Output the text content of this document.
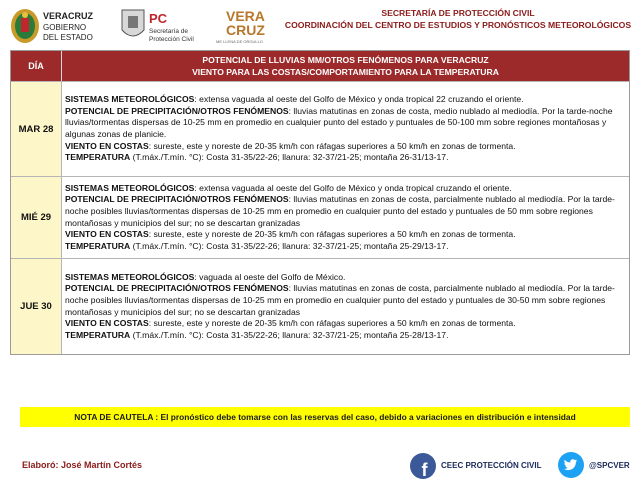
VERACRUZ
GOBIERNO
DEL ESTADO
PC
Secretaría de
Protección Civil
VERA
CRUZ
ME LLENA DE ORGULLO
SECRETARÍA DE PROTECCIÓN CIVIL
COORDINACIÓN DEL CENTRO DE ESTUDIOS Y PRONÓSTICOS METEOROLÓGICOS
DÍA
POTENCIAL DE LLUVIAS MM/OTROS FENÓMENOS PARA VERACRUZ
VIENTO PARA LAS COSTAS/COMPORTAMIENTO PARA LA TEMPERATURA
MAR 28
SISTEMAS METEOROLÓGICOS: extensa vaguada al oeste del Golfo de México y onda tropical 22 cruzando el oriente.
POTENCIAL DE PRECIPITACIÓN/OTROS FENÓMENOS: lluvias matutinas en zonas de costa, medio nublado al mediodía. Por la tarde-noche lluvias/tormentas dispersas de 10-25 mm en promedio en cualquier punto del estado y puntuales de 50-100 mm sobre regiones montañosas y algunas zonas de planicie.
VIENTO EN COSTAS: sureste, este y noreste de 20-35 km/h con ráfagas superiores a 50 km/h en zonas de tormenta.
TEMPERATURA (T.máx./T.mín. °C): Costa 31-35/22-26; llanura: 32-37/21-25; montaña 26-31/13-17.
MIÉ 29
SISTEMAS METEOROLÓGICOS: extensa vaguada al oeste del Golfo de México y onda tropical cruzando el oriente.
POTENCIAL DE PRECIPITACIÓN/OTROS FENÓMENOS: lluvias matutinas en zonas de costa, parcialmente nublado al mediodía. Por la tarde-noche posibles lluvias/tormentas dispersas de 10-25 mm en promedio en cualquier punto del estado y puntuales de 50 mm sobre regiones montañosas y municipios del sur; no se descartan granizadas
VIENTO EN COSTAS: sureste, este y noreste de 20-35 km/h con ráfagas superiores a 50 km/h en zonas de tormenta.
TEMPERATURA (T.máx./T.mín. °C): Costa 31-35/22-26; llanura: 32-37/21-25; montaña 25-29/13-17.
JUE 30
SISTEMAS METEOROLÓGICOS: vaguada al oeste del Golfo de México.
POTENCIAL DE PRECIPITACIÓN/OTROS FENÓMENOS: lluvias matutinas en zonas de costa, parcialmente nublado al mediodía. Por la tarde-noche posibles lluvias/tormentas dispersas de 10-25 mm en promedio en cualquier punto del estado y puntuales de 30-50 mm sobre regiones montañosas y municipios del sur; no se descartan granizadas
VIENTO EN COSTAS: sureste, este y noreste de 20-35 km/h con ráfagas superiores a 50 km/h en zonas de tormenta.
TEMPERATURA (T.máx./T.mín. °C): Costa 31-35/22-26; llanura: 32-37/21-25; montaña 25-28/13-17.
NOTA DE CAUTELA : El pronóstico debe tomarse con las reservas del caso, debido a variaciones en distribución e intensidad
Elaboró: José Martín Cortés	f	CEEC PROTECCIÓN CIVIL	@SPCVER
